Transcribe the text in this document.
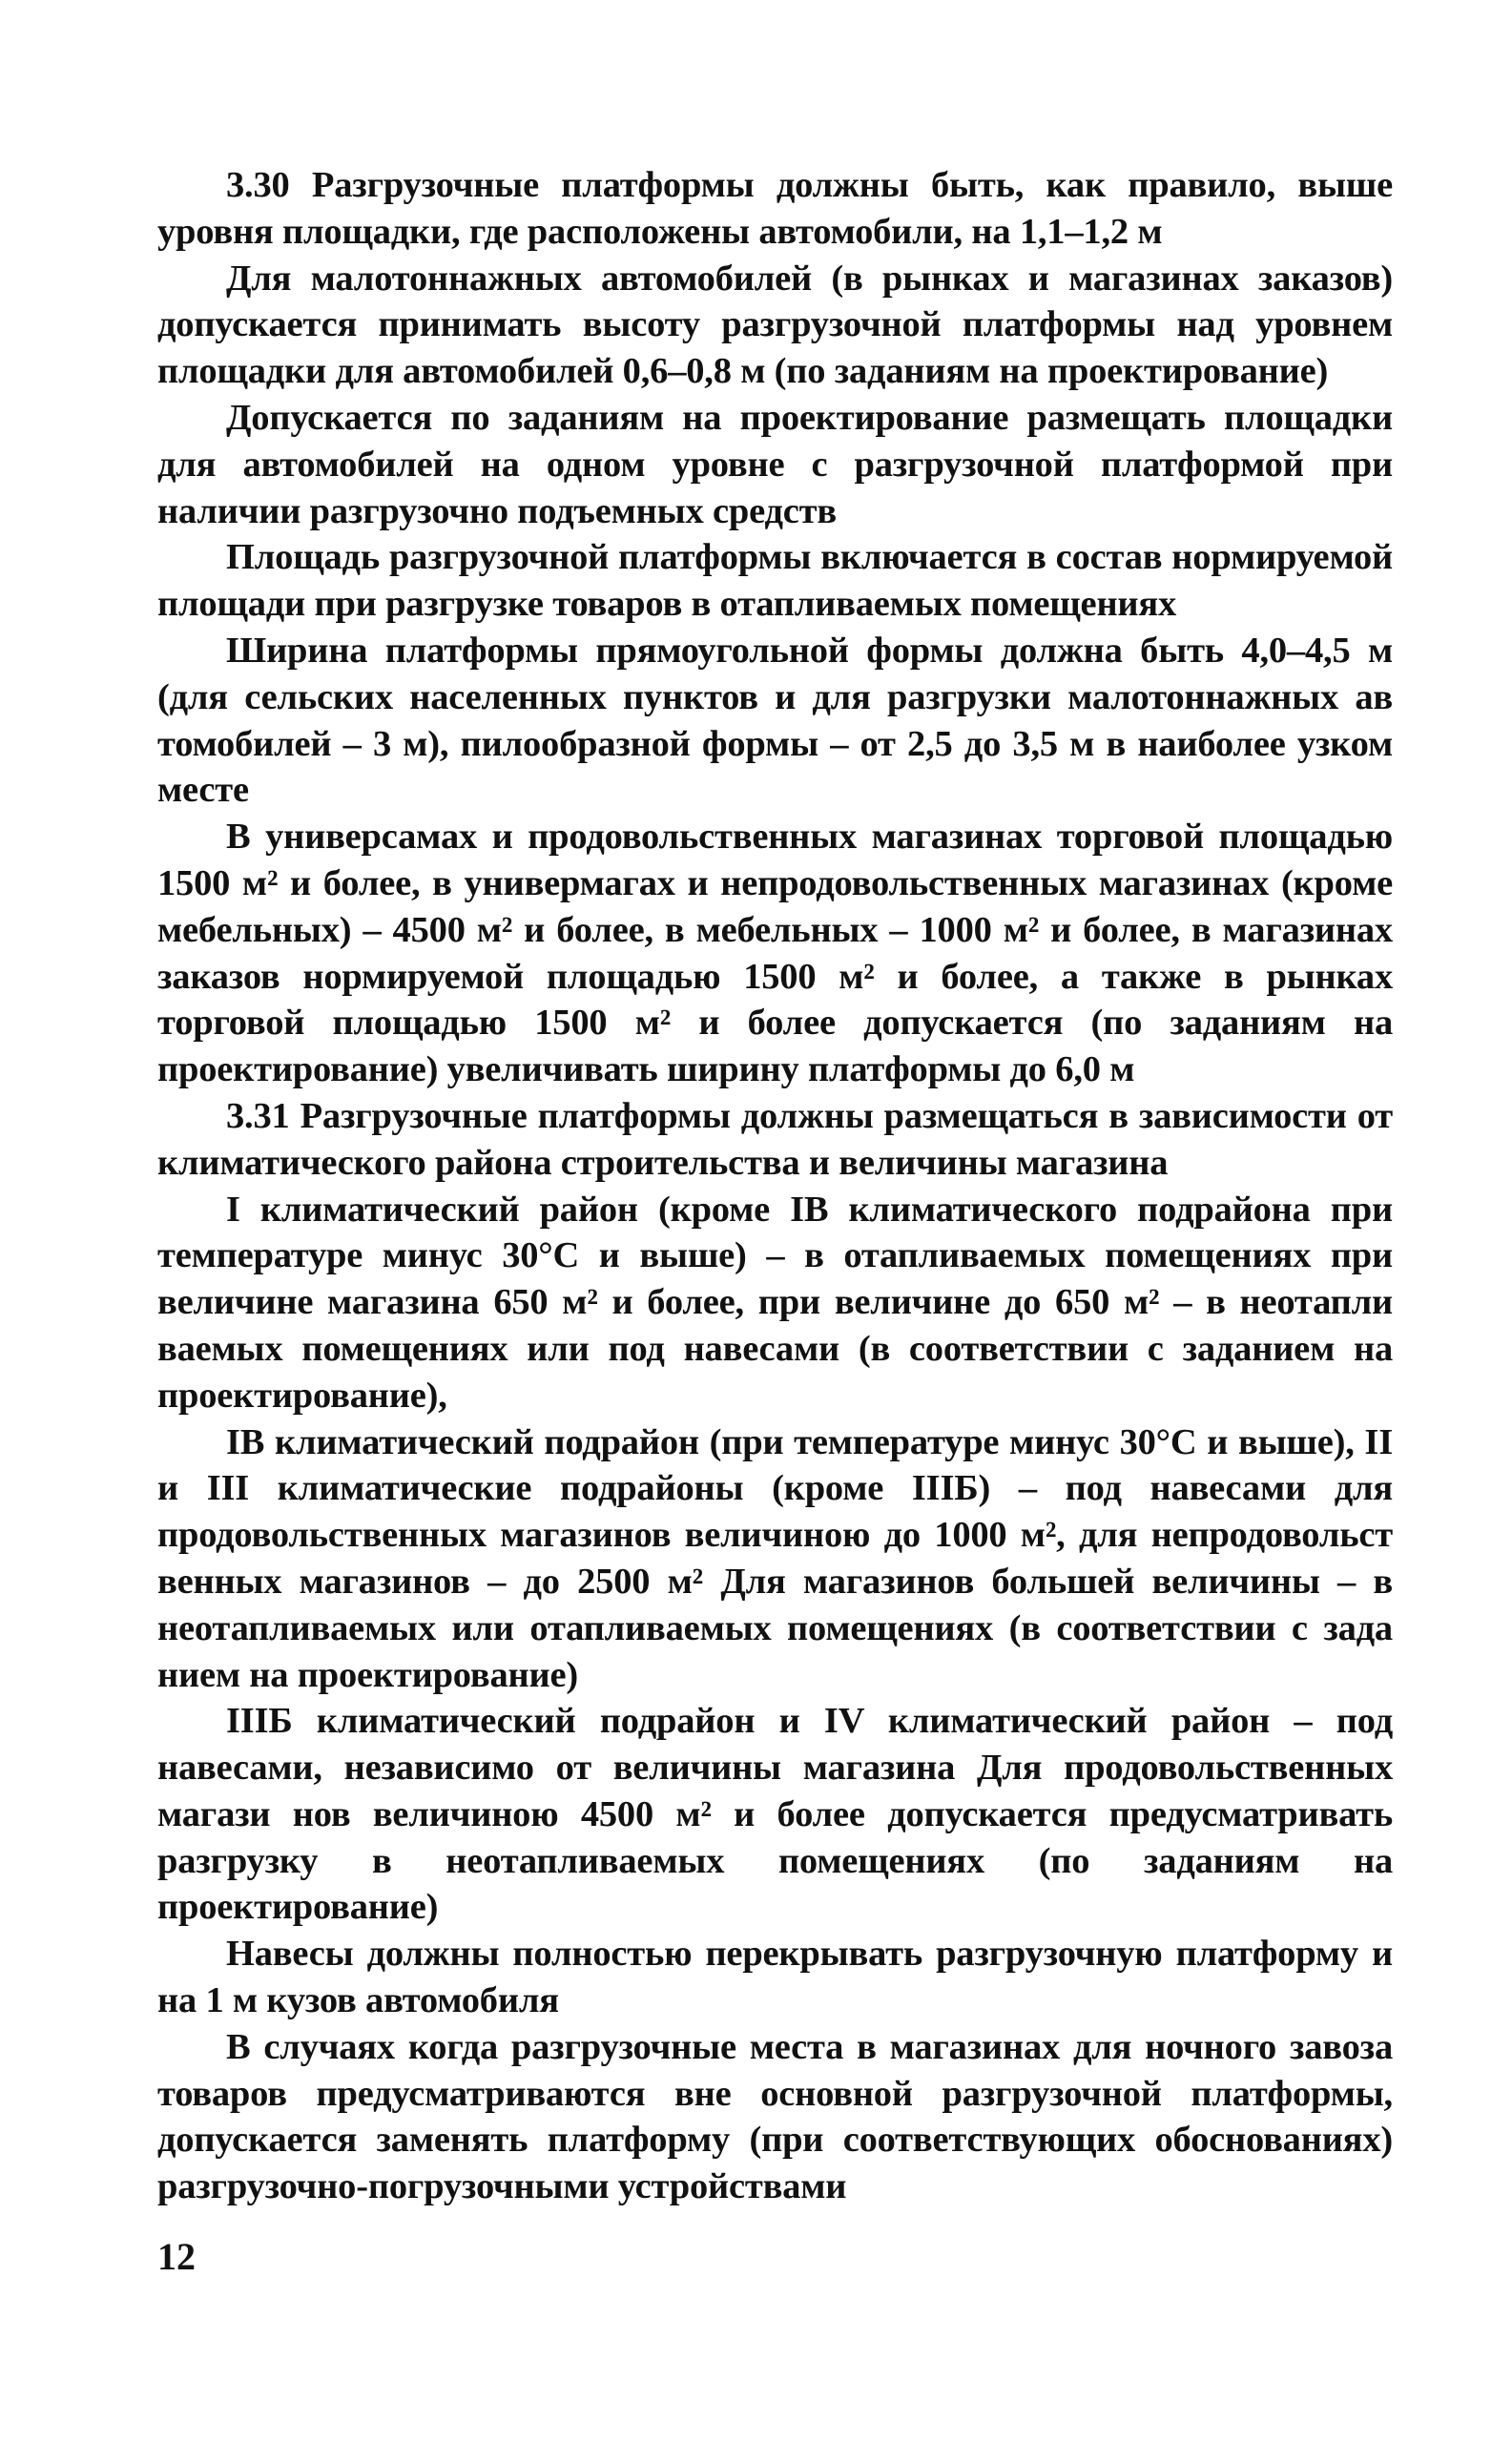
3.30 Разгрузочные платформы должны быть, как правило, выше уровня площадки, где расположены автомобили, на 1,1–1,2 м

Для малотоннажных автомобилей (в рынках и магазинах заказов) допускается принимать высоту разгрузочной платформы над уровнем площадки для автомобилей 0,6–0,8 м (по заданиям на проектирование)

Допускается по заданиям на проектирование размещать площадки для автомобилей на одном уровне с разгрузочной платформой при наличии разгрузочно подъемных средств

Площадь разгрузочной платформы включается в состав нормируемой площади при разгрузке товаров в отапливаемых помещениях

Ширина платформы прямоугольной формы должна быть 4,0–4,5 м (для сельских населенных пунктов и для разгрузки малотоннажных ав томобилей – 3 м), пилообразной формы – от 2,5 до 3,5 м в наиболее узком месте

В универсамах и продовольственных магазинах торговой площадью 1500 м² и более, в универмагах и непродовольственных магазинах (кроме мебельных) – 4500 м² и более, в мебельных – 1000 м² и более, в магазинах заказов нормируемой площадью 1500 м² и более, а также в рынках торговой площадью 1500 м² и более допускается (по заданиям на проектирование) увеличивать ширину платформы до 6,0 м

3.31 Разгрузочные платформы должны размещаться в зависимости от климатического района строительства и величины магазина

I климатический район (кроме IВ климатического подрайона при температуре минус 30°С и выше) – в отапливаемых помещениях при величине магазина 650 м² и более, при величине до 650 м² – в неотапли ваемых помещениях или под навесами (в соответствии с заданием на проектирование),

IВ климатический подрайон (при температуре минус 30°С и выше), II и III климатические подрайоны (кроме IIIБ) – под навесами для продовольственных магазинов величиною до 1000 м², для непродовольст венных магазинов – до 2500 м² Для магазинов большей величины – в неотапливаемых или отапливаемых помещениях (в соответствии с зада нием на проектирование)

IIIБ климатический подрайон и IV климатический район – под навесами, независимо от величины магазина Для продовольственных магази нов величиною 4500 м² и более допускается предусматривать разгрузку в неотапливаемых помещениях (по заданиям на проектирование)

Навесы должны полностью перекрывать разгрузочную платформу и на 1 м кузов автомобиля

В случаях когда разгрузочные места в магазинах для ночного завоза товаров предусматриваются вне основной разгрузочной платформы, допускается заменять платформу (при соответствующих обоснованиях) разгрузочно-погрузочными устройствами

12
